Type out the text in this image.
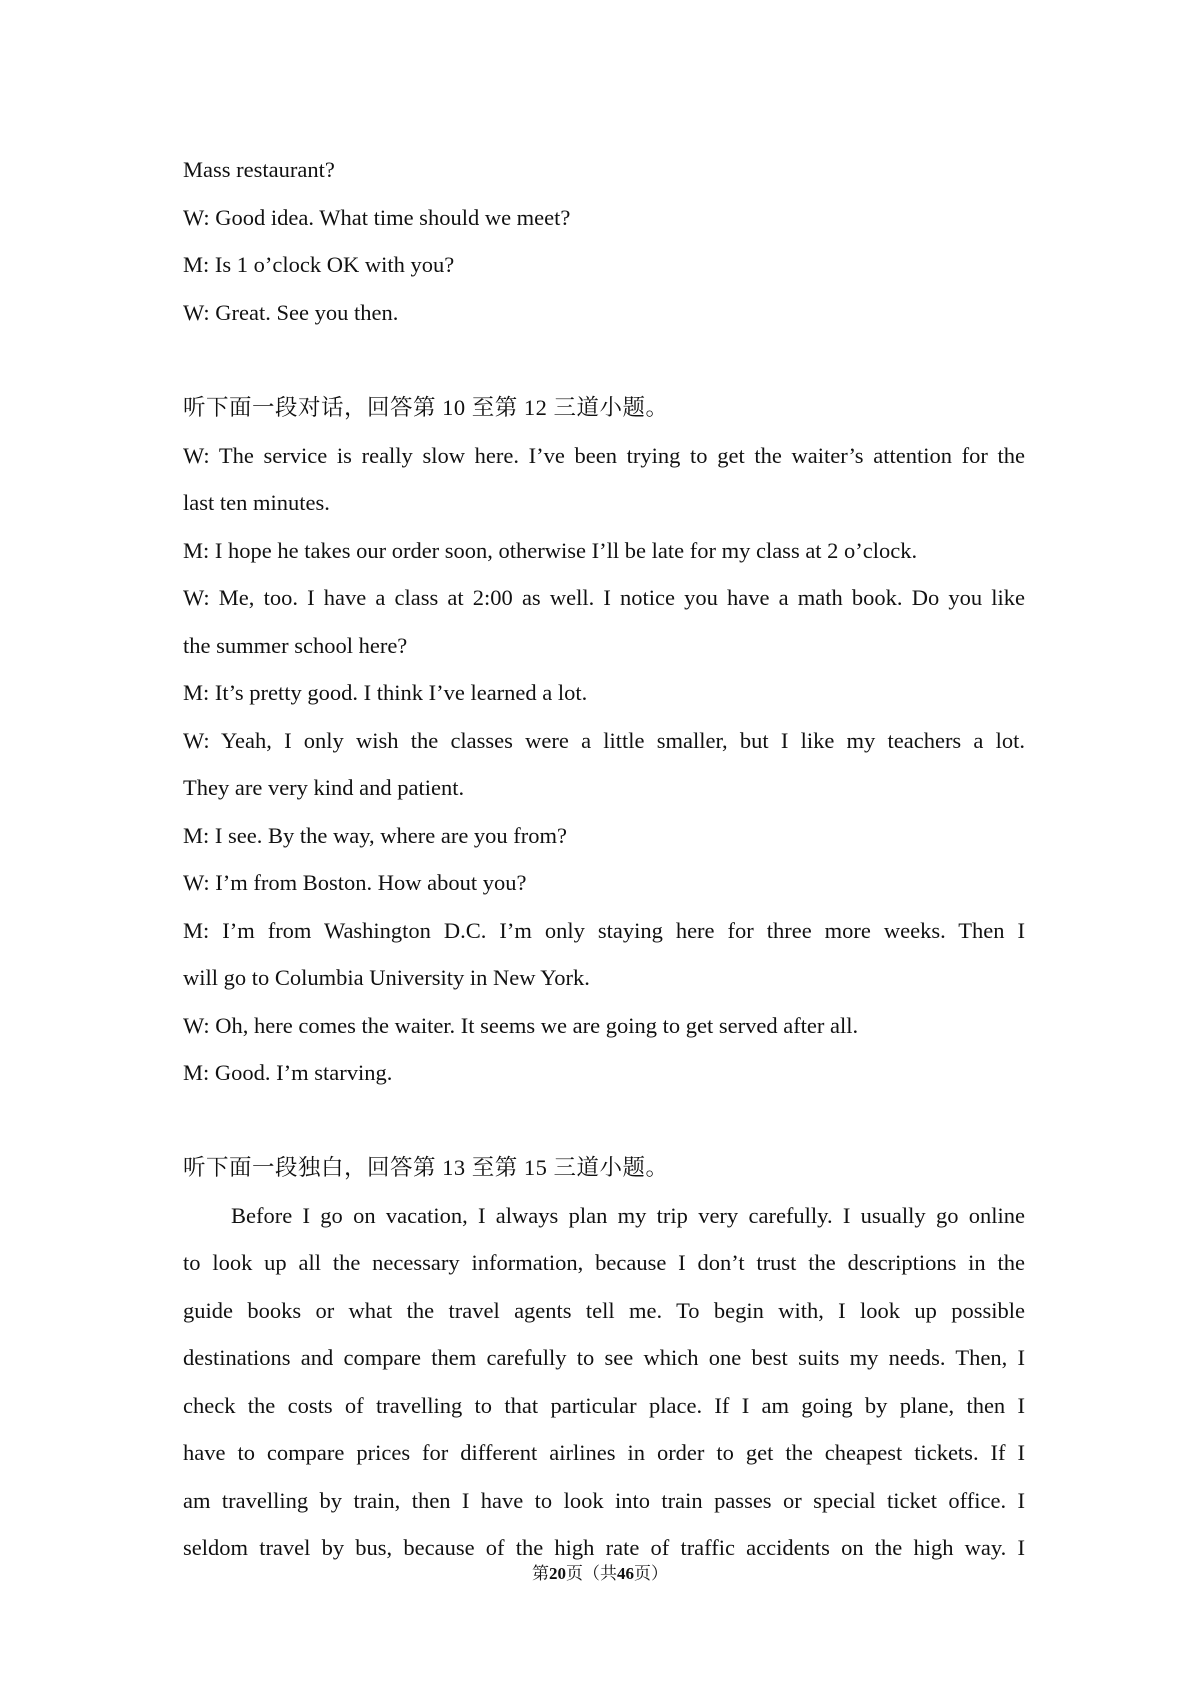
Mass restaurant?
W: Good idea. What time should we meet?
M: Is 1 o’clock OK with you?
W: Great. See you then.
听下面一段对话，回答第 10 至第 12 三道小题。
W: The service is really slow here. I’ve been trying to get the waiter’s attention for the
last ten minutes.
M: I hope he takes our order soon, otherwise I’ll be late for my class at 2 o’clock.
W: Me, too. I have a class at 2:00 as well. I notice you have a math book. Do you like
the summer school here?
M: It’s pretty good. I think I’ve learned a lot.
W: Yeah, I only wish the classes were a little smaller, but I like my teachers a lot.
They are very kind and patient.
M: I see. By the way, where are you from?
W: I’m from Boston. How about you?
M: I’m from Washington D.C. I’m only staying here for three more weeks. Then I
will go to Columbia University in New York.
W: Oh, here comes the waiter. It seems we are going to get served after all.
M: Good. I’m starving.
听下面一段独白，回答第 13 至第 15 三道小题。
Before I go on vacation, I always plan my trip very carefully. I usually go online
to look up all the necessary information, because I don’t trust the descriptions in the
guide books or what the travel agents tell me. To begin with, I look up possible
destinations and compare them carefully to see which one best suits my needs. Then, I
check the costs of travelling to that particular place. If I am going by plane, then I
have to compare prices for different airlines in order to get the cheapest tickets. If I
am travelling by train, then I have to look into train passes or special ticket office. I
seldom travel by bus, because of the high rate of traffic accidents on the high way. I
第20页（共46页）
